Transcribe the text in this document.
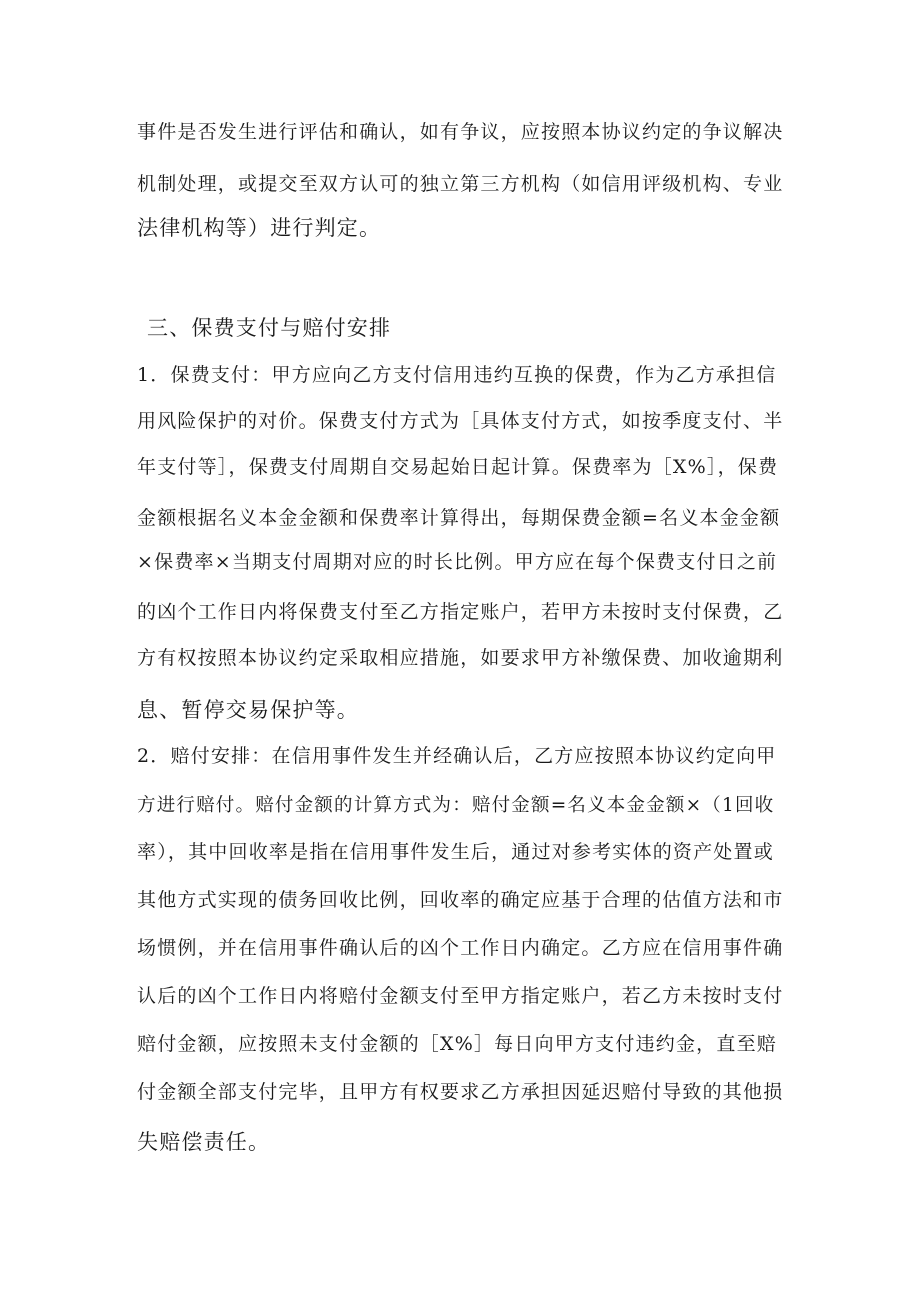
事件是否发生进行评估和确认，如有争议，应按照本协议约定的争议解决
机制处理，或提交至双方认可的独立第三方机构（如信用评级机构、专业
法律机构等）进行判定。
三、保费支付与赔付安排
1．保费支付：甲方应向乙方支付信用违约互换的保费，作为乙方承担信
用风险保护的对价。保费支付方式为［具体支付方式，如按季度支付、半
年支付等］，保费支付周期自交易起始日起计算。保费率为［X%］，保费
金额根据名义本金金额和保费率计算得出，每期保费金额=名义本金金额
×保费率×当期支付周期对应的时长比例。甲方应在每个保费支付日之前
的凶个工作日内将保费支付至乙方指定账户，若甲方未按时支付保费，乙
方有权按照本协议约定采取相应措施，如要求甲方补缴保费、加收逾期利
息、暂停交易保护等。
2．赔付安排：在信用事件发生并经确认后，乙方应按照本协议约定向甲
方进行赔付。赔付金额的计算方式为：赔付金额=名义本金金额×（1回收
率），其中回收率是指在信用事件发生后，通过对参考实体的资产处置或
其他方式实现的债务回收比例，回收率的确定应基于合理的估值方法和市
场惯例，并在信用事件确认后的凶个工作日内确定。乙方应在信用事件确
认后的凶个工作日内将赔付金额支付至甲方指定账户，若乙方未按时支付
赔付金额，应按照未支付金额的［X%］每日向甲方支付违约金，直至赔
付金额全部支付完毕，且甲方有权要求乙方承担因延迟赔付导致的其他损
失赔偿责任。
